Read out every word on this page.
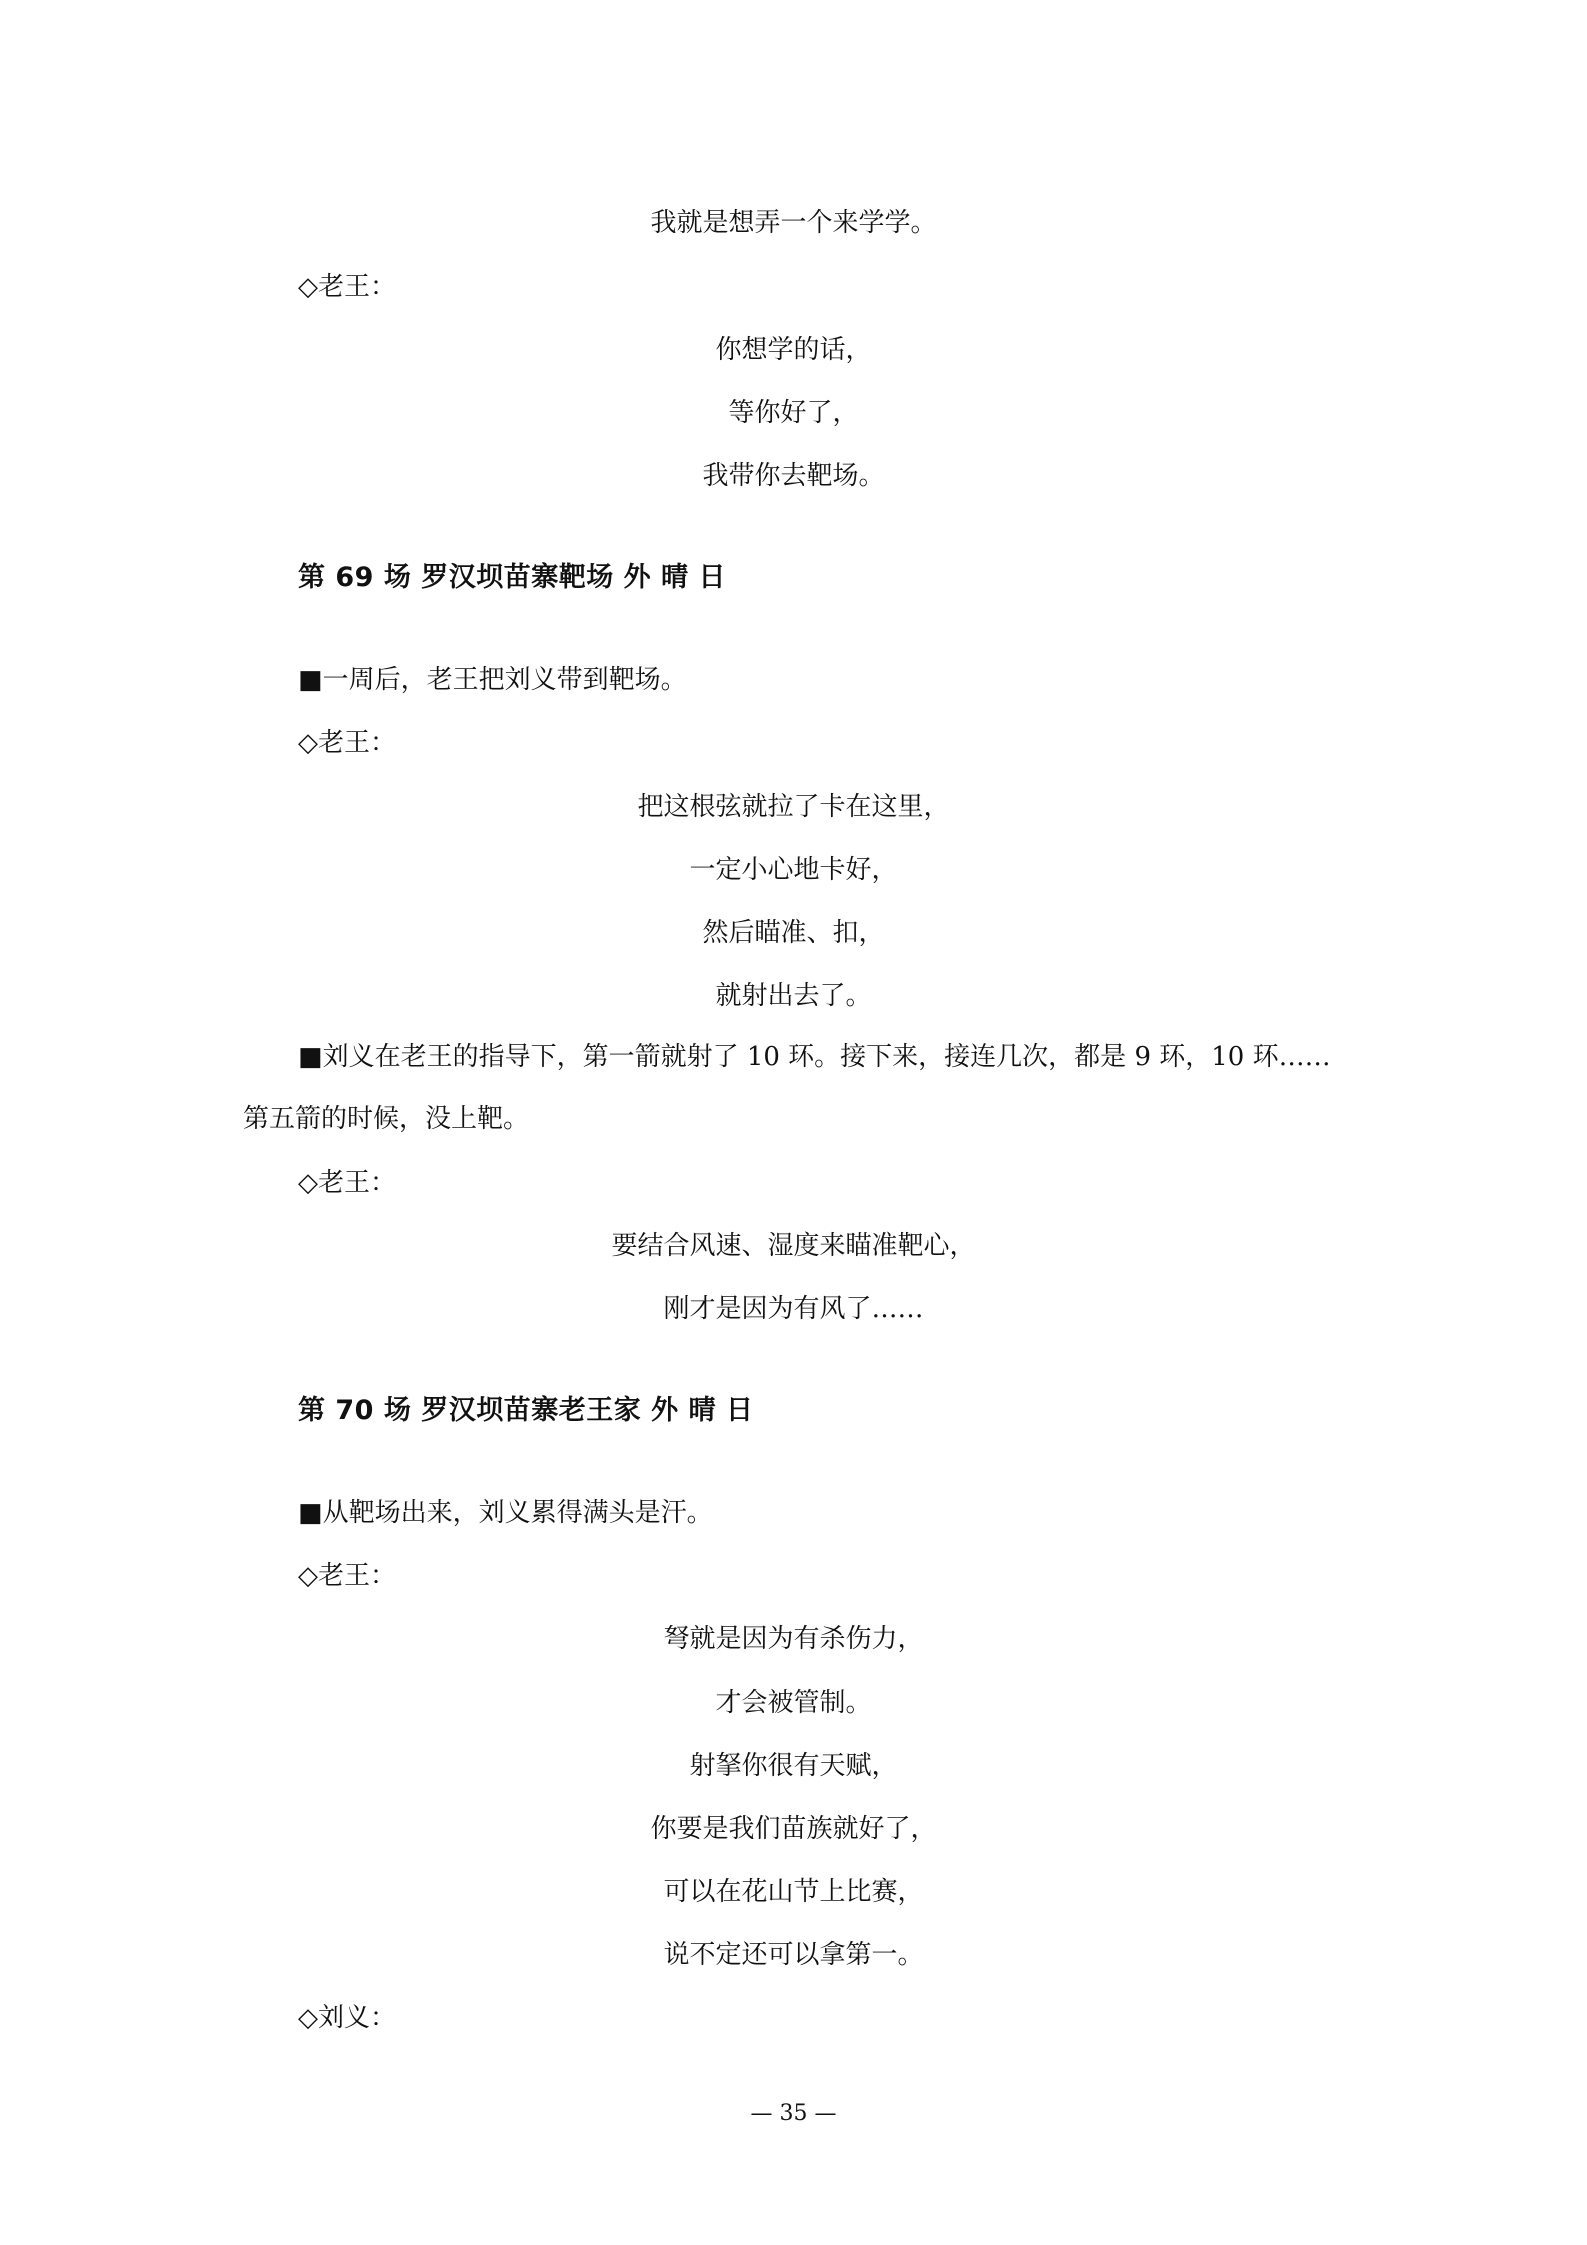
我就是想弄一个来学学。
◇老王：
你想学的话，
等你好了，
我带你去靶场。
第 69 场 罗汉坝苗寨靶场 外 晴 日
■一周后，老王把刘义带到靶场。
◇老王：
把这根弦就拉了卡在这里，
一定小心地卡好，
然后瞄准、扣，
就射出去了。
■刘义在老王的指导下，第一箭就射了 10 环。接下来，接连几次，都是 9 环，10 环……
第五箭的时候，没上靶。
◇老王：
要结合风速、湿度来瞄准靶心，
刚才是因为有风了……
第 70 场 罗汉坝苗寨老王家 外 晴 日
■从靶场出来，刘义累得满头是汗。
◇老王：
弩就是因为有杀伤力，
才会被管制。
射拏你很有天赋，
你要是我们苗族就好了，
可以在花山节上比赛，
说不定还可以拿第一。
◇刘义：
— 35 —
